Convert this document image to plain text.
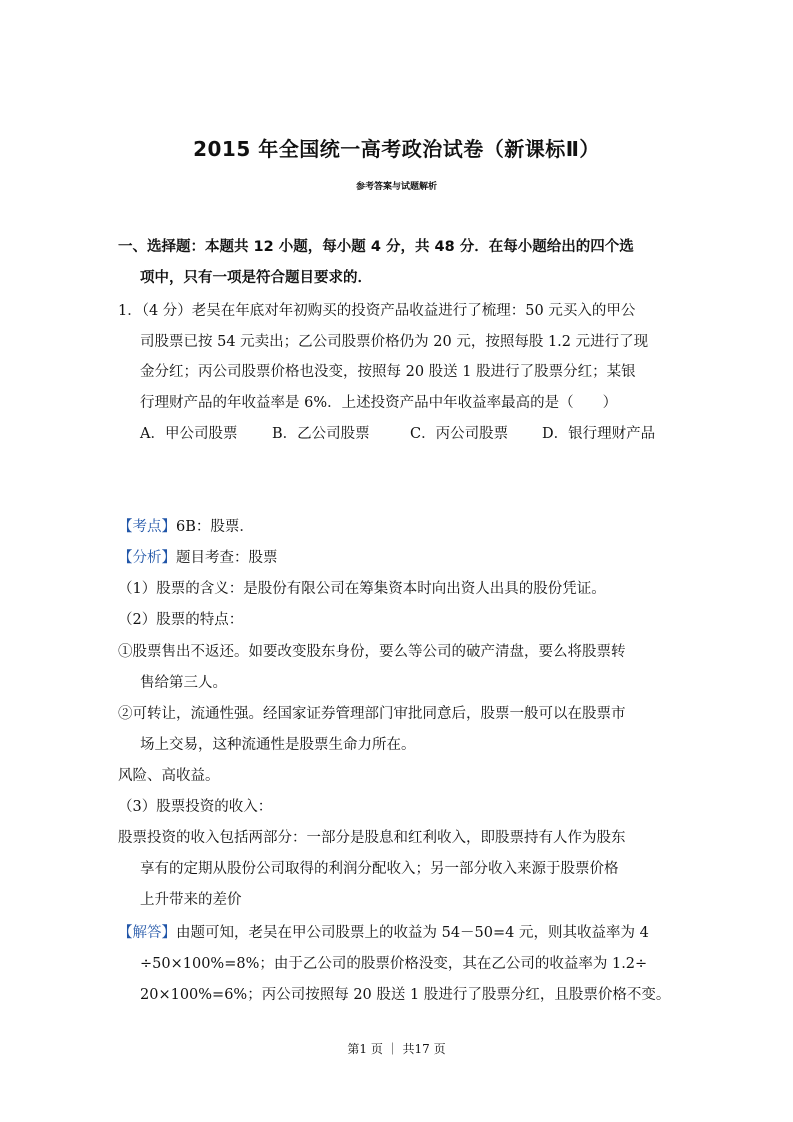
2015 年全国统一高考政治试卷（新课标Ⅱ）
参考答案与试题解析
一、选择题：本题共 12 小题，每小题 4 分，共 48 分．在每小题给出的四个选
项中，只有一项是符合题目要求的．
1．（4 分）老吴在年底对年初购买的投资产品收益进行了梳理：50 元买入的甲公
司股票已按 54 元卖出；乙公司股票价格仍为 20 元，按照每股 1.2 元进行了现
金分红；丙公司股票价格也没变，按照每 20 股送 1 股进行了股票分红；某银
行理财产品的年收益率是 6%．上述投资产品中年收益率最高的是（　　）
A．甲公司股票 B．乙公司股票	C．丙公司股票 D．银行理财产品
【考点】6B：股票．
【分析】题目考查：股票
（1）股票的含义：是股份有限公司在筹集资本时向出资人出具的股份凭证。
（2）股票的特点：
①股票售出不返还。如要改变股东身份，要么等公司的破产清盘，要么将股票转
售给第三人。
②可转让，流通性强。经国家证券管理部门审批同意后，股票一般可以在股票市
场上交易，这种流通性是股票生命力所在。
风险、高收益。
（3）股票投资的收入：
股票投资的收入包括两部分：一部分是股息和红利收入，即股票持有人作为股东
享有的定期从股份公司取得的利润分配收入；另一部分收入来源于股票价格
上升带来的差价
【解答】由题可知，老吴在甲公司股票上的收益为 54－50=4 元，则其收益率为 4
÷50×100%=8%；由于乙公司的股票价格没变，其在乙公司的收益率为 1.2÷
20×100%=6%；丙公司按照每 20 股送 1 股进行了股票分红，且股票价格不变。
第1 页 ｜ 共17 页
